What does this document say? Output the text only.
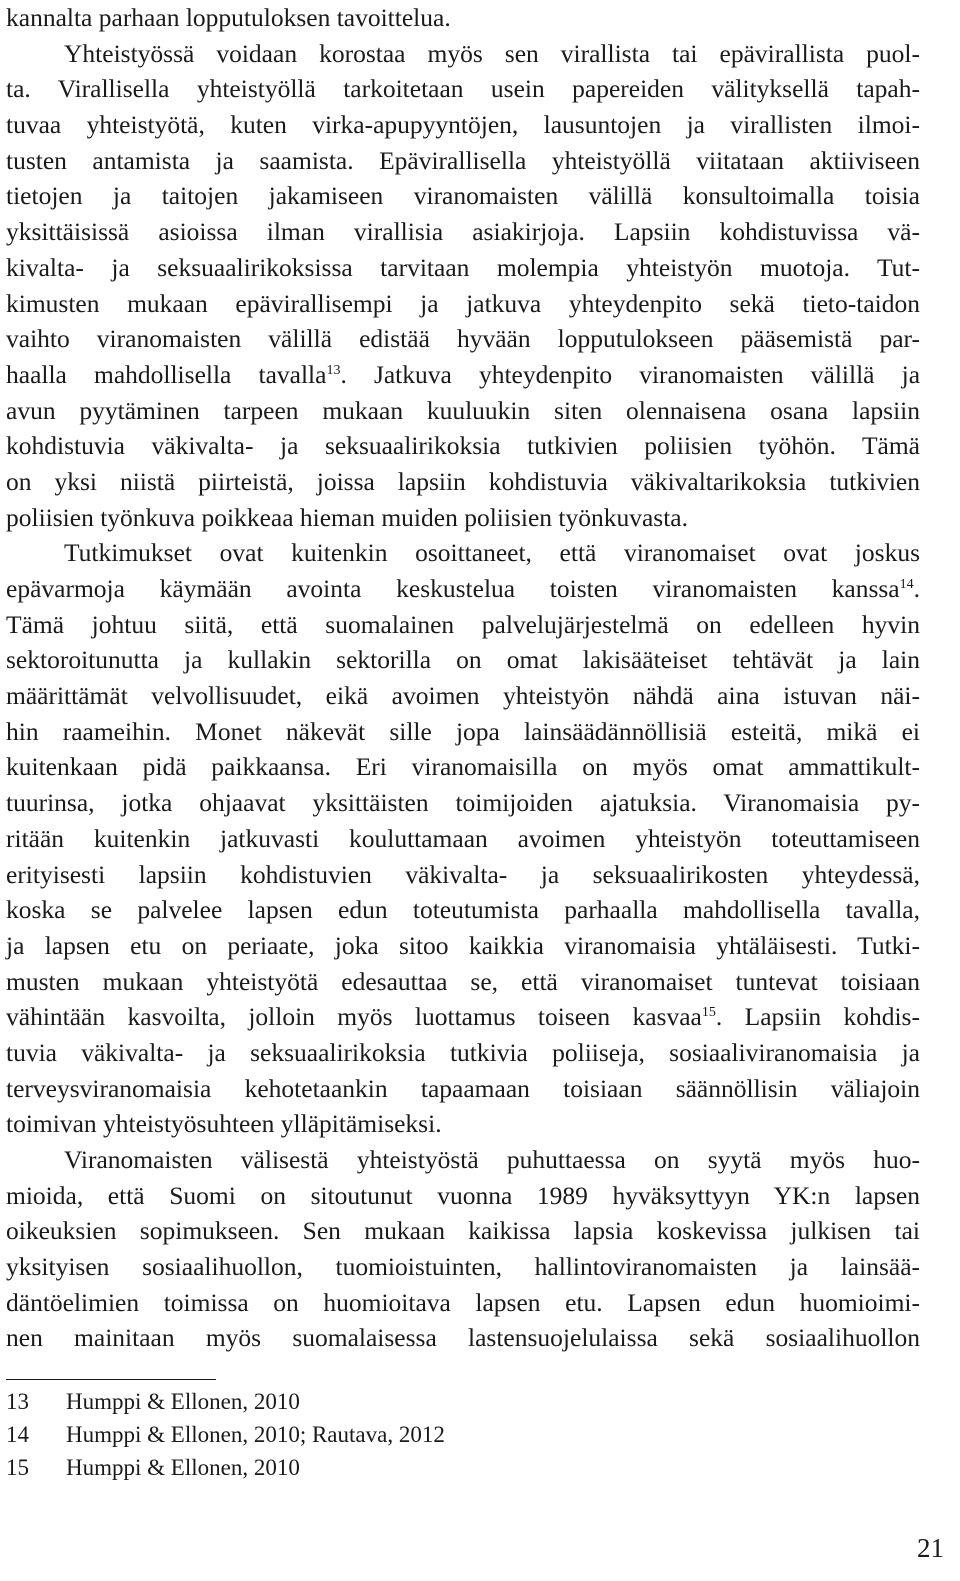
kannalta parhaan lopputuloksen tavoittelua.
Yhteistyössä voidaan korostaa myös sen virallista tai epävirallista puol-
ta. Virallisella yhteistyöllä tarkoitetaan usein papereiden välityksellä tapah-
tuvaa yhteistyötä, kuten virka-apupyyntöjen, lausuntojen ja virallisten ilmoi-
tusten antamista ja saamista. Epävirallisella yhteistyöllä viitataan aktiiviseen
tietojen ja taitojen jakamiseen viranomaisten välillä konsultoimalla toisia
yksittäisissä asioissa ilman virallisia asiakirjoja. Lapsiin kohdistuvissa vä-
kivalta- ja seksuaalirikoksissa tarvitaan molempia yhteistyön muotoja. Tut-
kimusten mukaan epävirallisempi ja jatkuva yhteydenpito sekä tieto-taidon
vaihto viranomaisten välillä edistää hyvään lopputulokseen pääsemistä par-
haalla mahdollisella tavalla$^{13}$. Jatkuva yhteydenpito viranomaisten välillä ja
avun pyytäminen tarpeen mukaan kuuluukin siten olennaisena osana lapsiin
kohdistuvia väkivalta- ja seksuaalirikoksia tutkivien poliisien työhön. Tämä
on yksi niistä piirteistä, joissa lapsiin kohdistuvia väkivaltarikoksia tutkivien
poliisien työnkuva poikkeaa hieman muiden poliisien työnkuvasta.
Tutkimukset ovat kuitenkin osoittaneet, että viranomaiset ovat joskus
epävarmoja käymään avointa keskustelua toisten viranomaisten kanssa$^{14}$.
Tämä johtuu siitä, että suomalainen palvelujärjestelmä on edelleen hyvin
sektoroitunutta ja kullakin sektorilla on omat lakisääteiset tehtävät ja lain
määrittämät velvollisuudet, eikä avoimen yhteistyön nähdä aina istuvan näi-
hin raameihin. Monet näkevät sille jopa lainsäädännöllisiä esteitä, mikä ei
kuitenkaan pidä paikkaansa. Eri viranomaisilla on myös omat ammattikult-
tuurinsa, jotka ohjaavat yksittäisten toimijoiden ajatuksia. Viranomaisia py-
ritään kuitenkin jatkuvasti kouluttamaan avoimen yhteistyön toteuttamiseen
erityisesti lapsiin kohdistuvien väkivalta- ja seksuaalirikosten yhteydessä,
koska se palvelee lapsen edun toteutumista parhaalla mahdollisella tavalla,
ja lapsen etu on periaate, joka sitoo kaikkia viranomaisia yhtäläisesti. Tutki-
musten mukaan yhteistyötä edesauttaa se, että viranomaiset tuntevat toisiaan
vähintään kasvoilta, jolloin myös luottamus toiseen kasvaa$^{15}$. Lapsiin kohdis-
tuvia väkivalta- ja seksuaalirikoksia tutkivia poliiseja, sosiaaliviranomaisia ja
terveysviranomaisia kehotetaankin tapaamaan toisiaan säännöllisin väliajoin
toimivan yhteistyösuhteen ylläpitämiseksi.
Viranomaisten välisestä yhteistyöstä puhuttaessa on syytä myös huo-
mioida, että Suomi on sitoutunut vuonna 1989 hyväksyttyyn YK:n lapsen
oikeuksien sopimukseen. Sen mukaan kaikissa lapsia koskevissa julkisen tai
yksityisen sosiaalihuollon, tuomioistuinten, hallintoviranomaisten ja lainsää-
däntöelimien toimissa on huomioitava lapsen etu. Lapsen edun huomioimi-
nen mainitaan myös suomalaisessa lastensuojelulaissa sekä sosiaalihuollon
13 Humppi & Ellonen, 2010
14 Humppi & Ellonen, 2010; Rautava, 2012
15 Humppi & Ellonen, 2010
21
